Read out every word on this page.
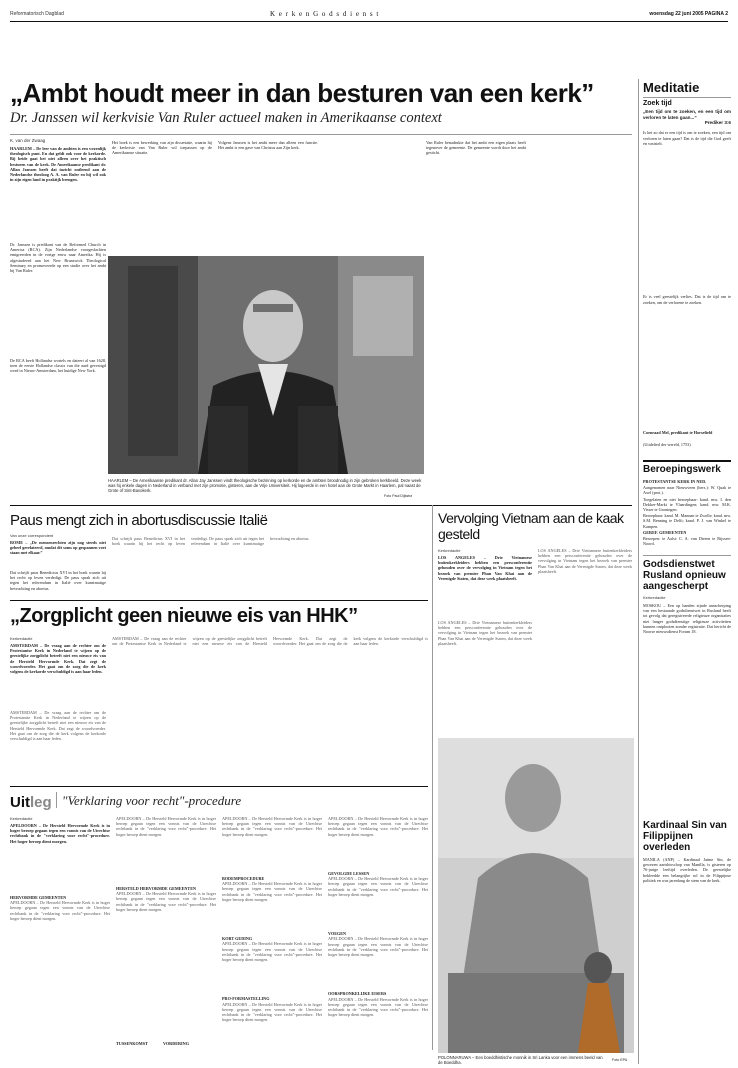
Reformatorisch Dagblad	K e r k e n G o d s d i e n s t	woensdag 22 juni 2005 PAGINA 2
„Ambt houdt meer in dan besturen van een kerk”
Dr. Janssen wil kerkvisie Van Ruler actueel maken in Amerikaanse context
K. van der Zwaag
HAARLEM – De leer van de ambten is een wezenlijk theologisch punt. En dat geldt ook voor de kerkorde. Bij beide gaat het niet alleen over het praktisch besturen van de kerk. De Amerikaanse predikant dr. Allan Janssen heeft dat inzicht ontleend aan de Nederlandse theoloog A. A. van Ruler en hij wil ook in zijn eigen land in praktijk brengen.
Dr. Janssen is predikant van de Reformed Church in America (RCA). Zijn Nederlandse voorgeslachten emigreerden in de vorige eeuw naar Amerika. Hij is afgestudeerd aan het New Brunswick Theological Seminary en promoveerde op een studie over het ambt bij Van Ruler.
De RCA beeft Hollandse wortels en dateert al van 1628, toen de eerste Hollandse classis van die aard gevestigd werd in Nieuw-Amsterdam, het huidige New York.
Het boek is een bewerking van zijn dissertatie, waarin hij de kerkvisie van Van Ruler wil toepassen op de Amerikaanse situatie.
Volgens Janssen is het ambt meer dan alleen een functie. Het ambt is een gave van Christus aan Zijn kerk.
Van Ruler benadrukte dat het ambt een eigen plaats heeft tegenover de gemeente. De gemeente wordt door het ambt gesticht.
HAARLEM – De Amerikaanse predikant dr. Allan Jay Janssen vindt theologische bezinning op kerkorde en de ambten broodnodig in zijn gebroken kerkbeeld. Deze week was hij enkele dagen in Nederland in verband met zijn promotie, gisteren, aan de Vrije Universiteit. Hij logeerde in een hotel aan de Grote Markt in Haarlem, pal naast de Grote of Sint-Bavokerk.
Foto Paul Dijkstra
Meditatie
Zoek tijd
„Een tijd om te zoeken, en een tijd om verloren te laten gaan...”
Prediker 3:6
Is het zo dat er een tijd is om te zoeken, een tijd om verloren te laten gaan? Dat is de tijd die God geeft en vaststelt.
Er is veel geestelijk verlies. Dat is de tijd om te zoeken, om de verlorene te zoeken.
Coenraad Mel, predikant te Horsefield
(Uitdelied der wereld, 1753)
Beroepingswerk
PROTESTANTSE KERK IN NED.
Aangenomen naar Nieuwveen (hers.): W. Quak te Axel (prot.).
Toegelaten en niet beroepbaar: kand. mw. I. den Dekker-Markt te Vlaardingen; kand. mw. M.K. Visser te Groningen.
Beroepbaar: kand. M. Mannan te Zwolle; kand. mw. S.M. Benning te Delft; kand. P. J. van Winkel te Kampen.
GEREF. GEMEENTEN
Beroepen: te Aalst: C. A. van Dieren te Rijssen-Noord.
Godsdienstwet Rusland opnieuw aangescherpt
Kerkredactie
MOSKOU – Een op handen zijnde aanscherping van een bestaande godsdienstwet in Rusland heeft tot gevolg dat geregistreerde religieuze organisaties niet langer godsdienstige religieuze activiteiten kunnen ontplooien zonder registratie. Dat bericht de Noorse nieuwsdienst Forum 18.
Kardinaal Sin van Filippijnen overleden
MANILA (ANP) – Kardinaal Jaime Sin, de gewezen aartsbisschop van Manilla, is gisteren op 76-jarige leeftijd overleden. De geestelijke bekleedde een belangrijke rol in de Filippijnse politiek en was jarenlang de stem van de kerk.
Paus mengt zich in abortusdiscussie Italië
Van onze correspondent
ROME – „De mensenrechten zijn nog steeds niet geheel gerelateerd, omdat dit soms op gespannen voet staan met elkaar.”
Dat schrijft paus Benedictus XVI in het boek waarin hij het recht op leven verdedigt. De paus sprak zich uit tegen het referendum in Italië over kunstmatige bevruchting en abortus.
Dat schrijft paus Benedictus XVI in het boek waarin hij het recht op leven verdedigt. De paus sprak zich uit tegen het referendum in Italië over kunstmatige bevruchting en abortus.
Vervolging Vietnam aan de kaak gesteld
Kerkredactie
LOS ANGELES – Drie Vietnamese buitenkerkleiders hebben een persconferentie gehouden over de vervolging in Vietnam tegen het bezoek van premier Phan Van Khai aan de Verenigde Staten, dat deze week plaatsheeft.
LOS ANGELES – Drie Vietnamese buitenkerkleiders hebben een persconferentie gehouden over de vervolging in Vietnam tegen het bezoek van premier Phan Van Khai aan de Verenigde Staten, dat deze week plaatsheeft.
LOS ANGELES – Drie Vietnamese buitenkerkleiders hebben een persconferentie gehouden over de vervolging in Vietnam tegen het bezoek van premier Phan Van Khai aan de Verenigde Staten, dat deze week plaatsheeft.
POLONNARUWA – Een boeddhistische monnik in Sri Lanka voor een immens beeld van de Boeddha.
Foto EPA
„Zorgplicht geen nieuwe eis van HHK”
Kerkredactie
AMSTERDAM – De vraag aan de rechter om de Protestantse Kerk in Nederland te wijzen op de geestelijke zorgplicht betreft niet een nieuwe eis van de Hersteld Hervormde Kerk. Dat zegt de woordvoerder. Het gaat om de zorg die de kerk volgens de kerkorde verschuldigd is aan haar leden.
AMSTERDAM – De vraag aan de rechter om de Protestantse Kerk in Nederland te wijzen op de geestelijke zorgplicht betreft niet een nieuwe eis van de Hersteld Hervormde Kerk. Dat zegt de woordvoerder. Het gaat om de zorg die de kerk volgens de kerkorde verschuldigd is aan haar leden.
AMSTERDAM – De vraag aan de rechter om de Protestantse Kerk in Nederland te wijzen op de geestelijke zorgplicht betreft niet een nieuwe eis van de Hersteld Hervormde Kerk. Dat zegt de woordvoerder. Het gaat om de zorg die de kerk volgens de kerkorde verschuldigd is aan haar leden.
Uitleg "Verklaring voor recht"-procedure
Kerkredactie
APELDOORN – De Hersteld Hervormde Kerk is in hoger beroep gegaan tegen een vonnis van de Utrechtse rechtbank in de "verklaring voor recht"-procedure. Het hoger beroep dient morgen.
HERVORMDE GEMEENTEN
APELDOORN – De Hersteld Hervormde Kerk is in hoger beroep gegaan tegen een vonnis van de Utrechtse rechtbank in de "verklaring voor recht"-procedure. Het hoger beroep dient morgen.
APELDOORN – De Hersteld Hervormde Kerk is in hoger beroep gegaan tegen een vonnis van de Utrechtse rechtbank in de "verklaring voor recht"-procedure. Het hoger beroep dient morgen.
HERSTELD HERVORMDE GEMEENTEN
APELDOORN – De Hersteld Hervormde Kerk is in hoger beroep gegaan tegen een vonnis van de Utrechtse rechtbank in de "verklaring voor recht"-procedure. Het hoger beroep dient morgen.
APELDOORN – De Hersteld Hervormde Kerk is in hoger beroep gegaan tegen een vonnis van de Utrechtse rechtbank in de "verklaring voor recht"-procedure. Het hoger beroep dient morgen.
BODEMPROCEDURE
APELDOORN – De Hersteld Hervormde Kerk is in hoger beroep gegaan tegen een vonnis van de Utrechtse rechtbank in de "verklaring voor recht"-procedure. Het hoger beroep dient morgen.
KORT GEDING
APELDOORN – De Hersteld Hervormde Kerk is in hoger beroep gegaan tegen een vonnis van de Utrechtse rechtbank in de "verklaring voor recht"-procedure. Het hoger beroep dient morgen.
PRO-FORMASTELLING
APELDOORN – De Hersteld Hervormde Kerk is in hoger beroep gegaan tegen een vonnis van de Utrechtse rechtbank in de "verklaring voor recht"-procedure. Het hoger beroep dient morgen.
APELDOORN – De Hersteld Hervormde Kerk is in hoger beroep gegaan tegen een vonnis van de Utrechtse rechtbank in de "verklaring voor recht"-procedure. Het hoger beroep dient morgen.
GEVOLGDE LESSEN
APELDOORN – De Hersteld Hervormde Kerk is in hoger beroep gegaan tegen een vonnis van de Utrechtse rechtbank in de "verklaring voor recht"-procedure. Het hoger beroep dient morgen.
VOEGEN
APELDOORN – De Hersteld Hervormde Kerk is in hoger beroep gegaan tegen een vonnis van de Utrechtse rechtbank in de "verklaring voor recht"-procedure. Het hoger beroep dient morgen.
OORSPRONKELIJKE EISERS
APELDOORN – De Hersteld Hervormde Kerk is in hoger beroep gegaan tegen een vonnis van de Utrechtse rechtbank in de "verklaring voor recht"-procedure. Het hoger beroep dient morgen.
TUSSENKOMST	VORDERING
